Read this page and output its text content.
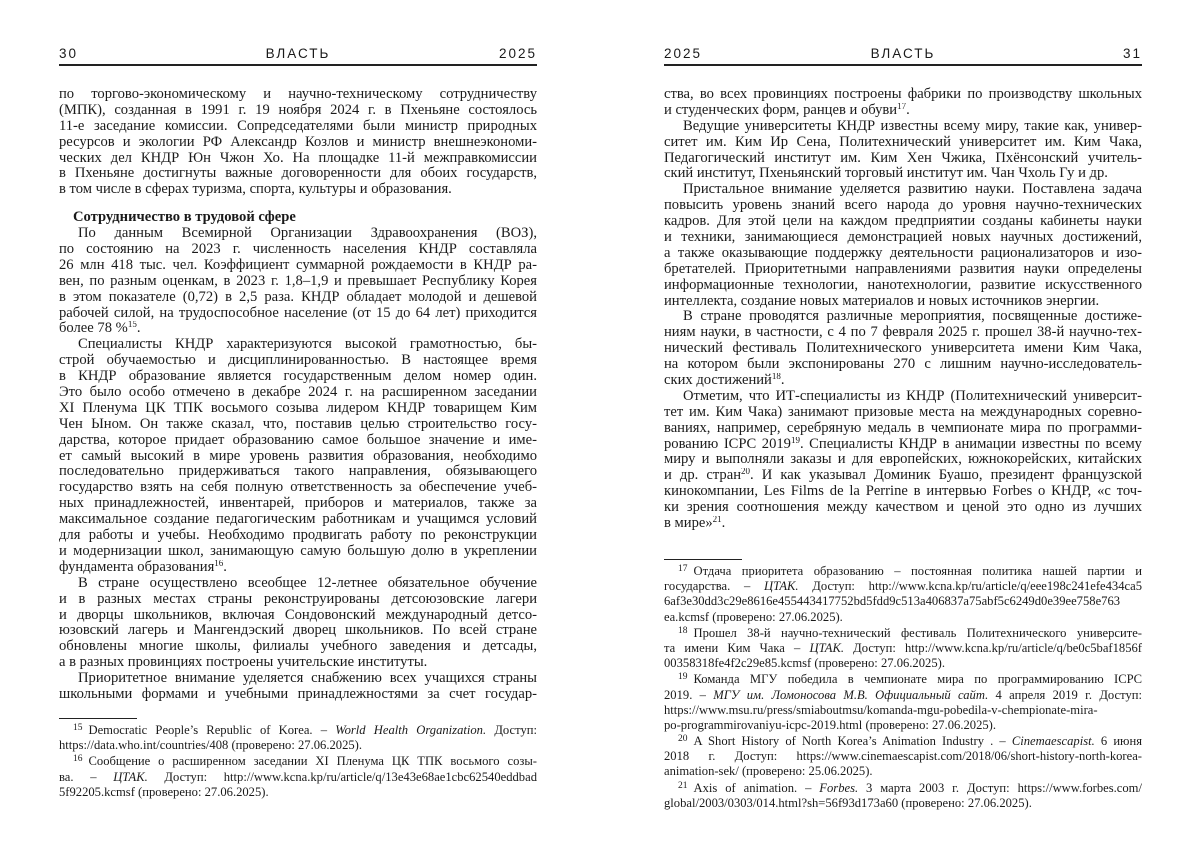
30	ВЛАСТЬ	2025
по торгово-экономическому и научно-техническому сотрудничеству
(МПК), созданная в 1991 г. 19 ноября 2024 г. в Пхеньяне состоялось
11-е заседание комиссии. Сопредседателями были министр природных
ресурсов и экологии РФ Александр Козлов и министр внешнеэкономи-
ческих дел КНДР Юн Чжон Хо. На площадке 11-й межправкомиссии
в Пхеньяне достигнуты важные договоренности для обоих государств,
в том числе в сферах туризма, спорта, культуры и образования.
Сотрудничество в трудовой сфере
По данным Всемирной Организации Здравоохранения (ВОЗ),
по состоянию на 2023 г. численность населения КНДР составляла
26 млн 418 тыс. чел. Коэффициент суммарной рождаемости в КНДР ра-
вен, по разным оценкам, в 2023 г. 1,8–1,9 и превышает Республику Корея
в этом показателе (0,72) в 2,5 раза. КНДР обладает молодой и дешевой
рабочей силой, на трудоспособное население (от 15 до 64 лет) приходится
более 78 %15.
Специалисты КНДР характеризуются высокой грамотностью, бы-
строй обучаемостью и дисциплинированностью. В настоящее время
в КНДР образование является государственным делом номер один.
Это было особо отмечено в декабре 2024 г. на расширенном заседании
XI Пленума ЦК ТПК восьмого созыва лидером КНДР товарищем Ким
Чен Ыном. Он также сказал, что, поставив целью строительство госу-
дарства, которое придает образованию самое большое значение и име-
ет самый высокий в мире уровень развития образования, необходимо
последовательно придерживаться такого направления, обязывающего
государство взять на себя полную ответственность за обеспечение учеб-
ных принадлежностей, инвентарей, приборов и материалов, также за
максимальное создание педагогическим работникам и учащимся условий
для работы и учебы. Необходимо продвигать работу по реконструкции
и модернизации школ, занимающую самую большую долю в укреплении
фундамента образования16.
В стране осуществлено всеобщее 12-летнее обязательное обучение
и в разных местах страны реконструированы детсоюзовские лагери
и дворцы школьников, включая Сондовонский международный детсо-
юзовский лагерь и Мангендэский дворец школьников. По всей стране
обновлены многие школы, филиалы учебного заведения и детсады,
а в разных провинциях построены учительские институты.
Приоритетное внимание уделяется снабжению всех учащихся страны
школьными формами и учебными принадлежностями за счет государ-
15 Democratic People’s Republic of Korea. – World Health Organization. Доступ:
https://data.who.int/countries/408 (проверено: 27.06.2025).
16 Сообщение о расширенном заседании XI Пленума ЦК ТПК восьмого созы-
ва. – ЦТАК. Доступ: http://www.kcna.kp/ru/article/q/13e43e68ae1cbc62540eddbad
5f92205.kcmsf (проверено: 27.06.2025).
2025	ВЛАСТЬ	31
ства, во всех провинциях построены фабрики по производству школьных
и студенческих форм, ранцев и обуви17.
Ведущие университеты КНДР известны всему миру, такие как, универ-
ситет им. Ким Ир Сена, Политехнический университет им. Ким Чака,
Педагогический институт им. Ким Хен Чжика, Пхёнсонский учитель-
ский институт, Пхеньянский торговый институт им. Чан Чхоль Гу и др.
Пристальное внимание уделяется развитию науки. Поставлена задача
повысить уровень знаний всего народа до уровня научно-технических
кадров. Для этой цели на каждом предприятии созданы кабинеты науки
и техники, занимающиеся демонстрацией новых научных достижений,
а также оказывающие поддержку деятельности рационализаторов и изо-
бретателей. Приоритетными направлениями развития науки определены
информационные технологии, нанотехнологии, развитие искусственного
интеллекта, создание новых материалов и новых источников энергии.
В стране проводятся различные мероприятия, посвященные достиже-
ниям науки, в частности, с 4 по 7 февраля 2025 г. прошел 38-й научно-тех-
нический фестиваль Политехнического университета имени Ким Чака,
на котором были экспонированы 270 с лишним научно-исследователь-
ских достижений18.
Отметим, что ИТ-специалисты из КНДР (Политехнический университ-
тет им. Ким Чака) занимают призовые места на международных соревно-
ваниях, например, серебряную медаль в чемпионате мира по программи-
рованию ICPC 201919. Специалисты КНДР в анимации известны по всему
миру и выполняли заказы и для европейских, южнокорейских, китайских
и др. стран20. И как указывал Доминик Буашо, президент французской
кинокомпании, Les Films de la Perrine в интервью Forbes о КНДР, «с точ-
ки зрения соотношения между качеством и ценой это одно из лучших
в мире»21.
17 Отдача приоритета образованию – постоянная политика нашей партии и
государства. – ЦТАК. Доступ: http://www.kcna.kp/ru/article/q/eee198c241efe434ca5
6af3e30dd3c29e8616e455443417752bd5fdd9c513a406837a75abf5c6249d0e39ee758e763
ea.kcmsf (проверено: 27.06.2025).
18 Прошел 38-й научно-технический фестиваль Политехнического университе-
та имени Ким Чака – ЦТАК. Доступ: http://www.kcna.kp/ru/article/q/be0c5baf1856f
00358318fe4f2c29e85.kcmsf (проверено: 27.06.2025).
19 Команда МГУ победила в чемпионате мира по программированию ICPC
2019. – МГУ им. Ломоносова М.В. Официальный сайт. 4 апреля 2019 г. Доступ:
https://www.msu.ru/press/smiaboutmsu/komanda-mgu-pobedila-v-chempionate-mira-
po-programmirovaniyu-icpc-2019.html (проверено: 27.06.2025).
20 A Short History of North Korea’s Animation Industry . – Cinemaescapist. 6 июня
2018 г. Доступ: https://www.cinemaescapist.com/2018/06/short-history-north-korea-
animation-sek/ (проверено: 25.06.2025).
21 Axis of animation. – Forbes. 3 марта 2003 г. Доступ: https://www.forbes.com/
global/2003/0303/014.html?sh=56f93d173a60 (проверено: 27.06.2025).
